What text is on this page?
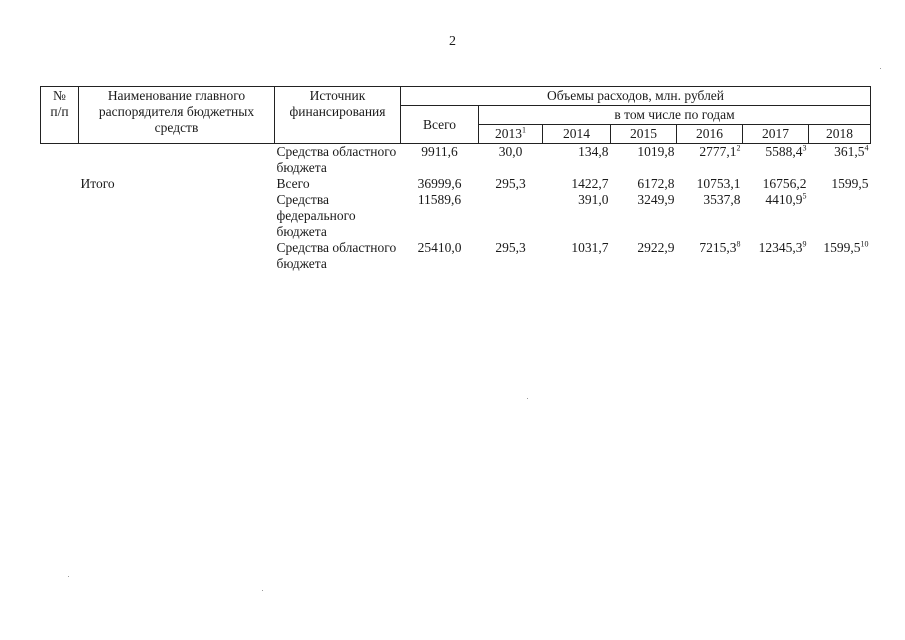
2
№
п/п	Наименование главного распорядителя бюджетных средств	Источник финансирования	Объемы расходов, млн. рублей						
			Всего	в том числе по годам					
				2013$^1$	2014	2015	2016	2017	2018
		Средства областного бюджета	9911,6	30,0	134,8	1019,8	2777,1$^2$	5588,4$^3$	361,5$^4$
	Итого	Всего	36999,6	295,3	1422,7	6172,8	10753,1	16756,2	1599,5
		Средства федерального бюджета	11589,6		391,0	3249,9	3537,8	4410,9$^5$	
		Средства областного бюджета	25410,0	295,3	1031,7	2922,9	7215,3$^8$	12345,3$^9$	1599,5$^{10}$
